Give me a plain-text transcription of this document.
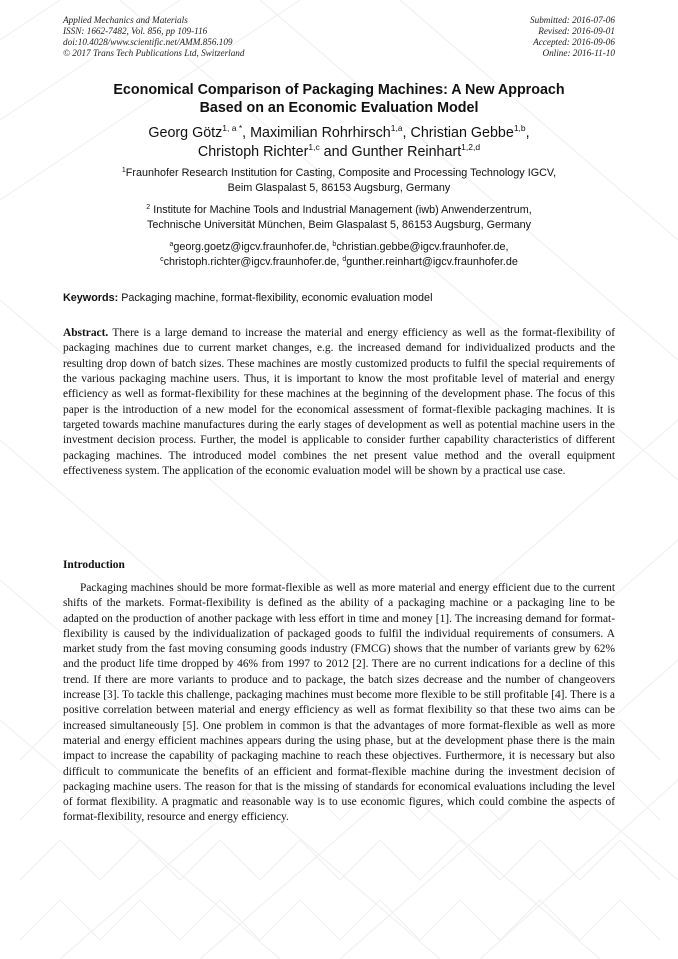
Applied Mechanics and Materials
ISSN: 1662-7482, Vol. 856, pp 109-116
doi:10.4028/www.scientific.net/AMM.856.109
© 2017 Trans Tech Publications Ltd, Switzerland
Submitted: 2016-07-06
Revised: 2016-09-01
Accepted: 2016-09-06
Online: 2016-11-10
Economical Comparison of Packaging Machines: A New Approach
Based on an Economic Evaluation Model
Georg Götz$^{1, a *}$, Maximilian Rohrhirsch$^{1,a}$, Christian Gebbe$^{1,b}$,
Christoph Richter$^{1,c}$ and Gunther Reinhart$^{1,2,d}$
$^1$Fraunhofer Research Institution for Casting, Composite and Processing Technology IGCV,
Beim Glaspalast 5, 86153 Augsburg, Germany
$^2$ Institute for Machine Tools and Industrial Management (iwb) Anwenderzentrum,
Technische Universität München, Beim Glaspalast 5, 86153 Augsburg, Germany
$^a$georg.goetz@igcv.fraunhofer.de, $^b$christian.gebbe@igcv.fraunhofer.de,
$^c$christoph.richter@igcv.fraunhofer.de, $^d$gunther.reinhart@igcv.fraunhofer.de
Keywords: Packaging machine, format-flexibility, economic evaluation model
Abstract. There is a large demand to increase the material and energy efficiency as well as the format-flexibility of packaging machines due to current market changes, e.g. the increased demand for individualized products and the resulting drop down of batch sizes. These machines are mostly customized products to fulfil the special requirements of the various packaging machine users. Thus, it is important to know the most profitable level of material and energy efficiency as well as format-flexibility for these machines at the beginning of the development phase. The focus of this paper is the introduction of a new model for the economical assessment of format-flexible packaging machines. It is targeted towards machine manufactures during the early stages of development as well as potential machine users in the investment decision process. Further, the model is applicable to consider further capability characteristics of different packaging machines. The introduced model combines the net present value method and the overall equipment effectiveness system. The application of the economic evaluation model will be shown by a practical use case.
Introduction
Packaging machines should be more format-flexible as well as more material and energy efficient due to the current shifts of the markets. Format-flexibility is defined as the ability of a packaging machine or a packaging line to be adapted on the production of another package with less effort in time and money [1]. The increasing demand for format-flexibility is caused by the individualization of packaged goods to fulfil the individual requirements of consumers. A market study from the fast moving consuming goods industry (FMCG) shows that the number of variants grew by 62% and the product life time dropped by 46% from 1997 to 2012 [2]. There are no current indications for a decline of this trend. If there are more variants to produce and to package, the batch sizes decrease and the number of changeovers increase [3]. To tackle this challenge, packaging machines must become more flexible to be still profitable [4]. There is a positive correlation between material and energy efficiency as well as format flexibility so that these two aims can be increased simultaneously [5]. One problem in common is that the advantages of more format-flexible as well as more material and energy efficient machines appears during the using phase, but at the development phase there is the main impact to increase the capability of packaging machine to reach these objectives. Furthermore, it is necessary but also difficult to communicate the benefits of an efficient and format-flexible machine during the investment decision of packaging machine users. The reason for that is the missing of standards for economical evaluations including the level of format flexibility. A pragmatic and reasonable way is to use economic figures, which could combine the aspects of format-flexibility, resource and energy efficiency.
